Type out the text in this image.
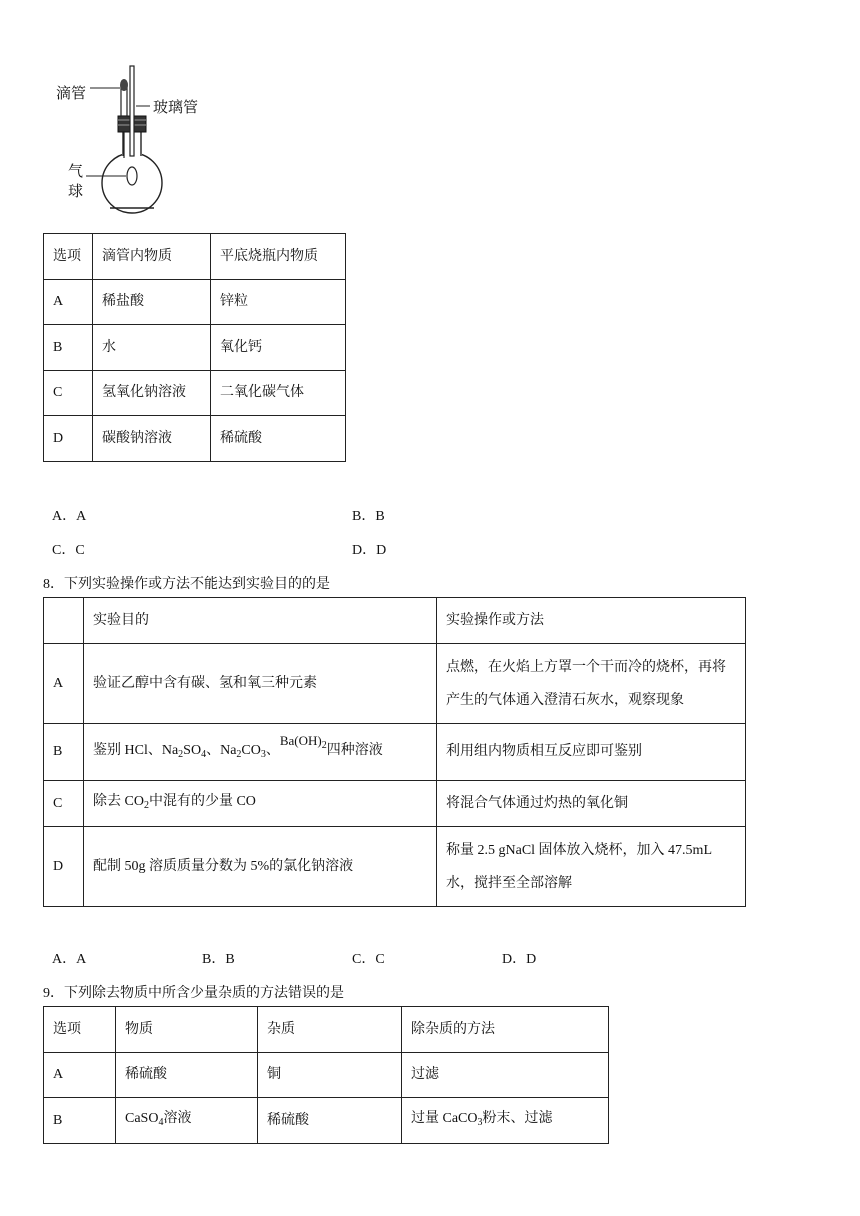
滴管
玻璃管
气
球
选项	滴管内物质	平底烧瓶内物质
A	稀盐酸	锌粒
B	水	氧化钙
C	氢氧化钠溶液	二氧化碳气体
D	碳酸钠溶液	稀硫酸
A．A	B．B
C．C	D．D
8．下列实验操作或方法不能达到实验目的的是
	实验目的	实验操作或方法
A	验证乙醇中含有碳、氢和氧三种元素	点燃，在火焰上方罩一个干而冷的烧杯，再将产生的气体通入澄清石灰水，观察现象
B	鉴别 HCl、$Na_2SO_4$、$Na_2CO_3$、$Ba(OH)_2$四种溶液	利用组内物质相互反应即可鉴别
C	除去 $CO_2$中混有的少量 CO	将混合气体通过灼热的氧化铜
D	配制 50g 溶质质量分数为 5%的氯化钠溶液	称量 2.5 gNaCl 固体放入烧杯，加入 47.5mL 水，搅拌至全部溶解
A．A	B．B	C．C	D．D
9．下列除去物质中所含少量杂质的方法错误的是
选项	物质	杂质	除杂质的方法
A	稀硫酸	铜	过滤
B	CaSO$_4$溶液	稀硫酸	过量 CaCO$_3$粉末、过滤
